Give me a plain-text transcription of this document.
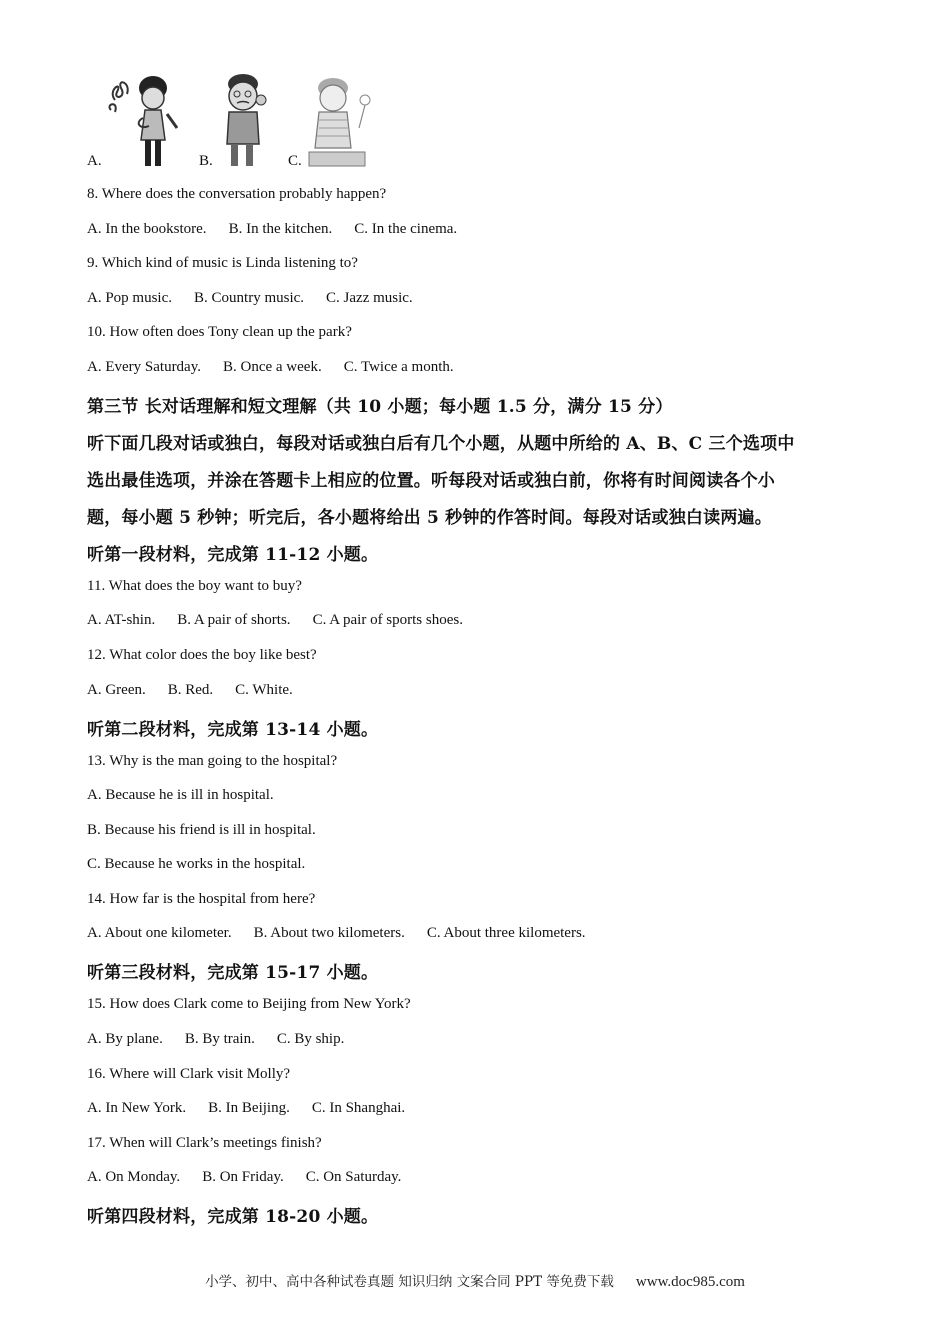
A.	B.	C.
8. Where does the conversation probably happen?
A. In the bookstore. B. In the kitchen. C. In the cinema.
9. Which kind of music is Linda listening to?
A. Pop music. B. Country music. C. Jazz music.
10. How often does Tony clean up the park?
A. Every Saturday. B. Once a week. C. Twice a month.
第三节 长对话理解和短文理解（共 10 小题；每小题 1.5 分，满分 15 分）
听下面几段对话或独白，每段对话或独白后有几个小题，从题中所给的 A、B、C 三个选项中
选出最佳选项，并涂在答题卡上相应的位置。听每段对话或独白前，你将有时间阅读各个小
题，每小题 5 秒钟；听完后，各小题将给出 5 秒钟的作答时间。每段对话或独白读两遍。
听第一段材料，完成第 11-12 小题。
11. What does the boy want to buy?
A. AT-shin. B. A pair of shorts. C. A pair of sports shoes.
12. What color does the boy like best?
A. Green. B. Red. C. White.
听第二段材料，完成第 13-14 小题。
13. Why is the man going to the hospital?
A. Because he is ill in hospital.
B. Because his friend is ill in hospital.
C. Because he works in the hospital.
14. How far is the hospital from here?
A. About one kilometer. B. About two kilometers. C. About three kilometers.
听第三段材料，完成第 15-17 小题。
15. How does Clark come to Beijing from New York?
A. By plane. B. By train. C. By ship.
16. Where will Clark visit Molly?
A. In New York. B. In Beijing. C. In Shanghai.
17. When will Clark’s meetings finish?
A. On Monday. B. On Friday. C. On Saturday.
听第四段材料，完成第 18-20 小题。
小学、初中、高中各种试卷真题 知识归纳 文案合同 PPT 等免费下载 www.doc985.com
